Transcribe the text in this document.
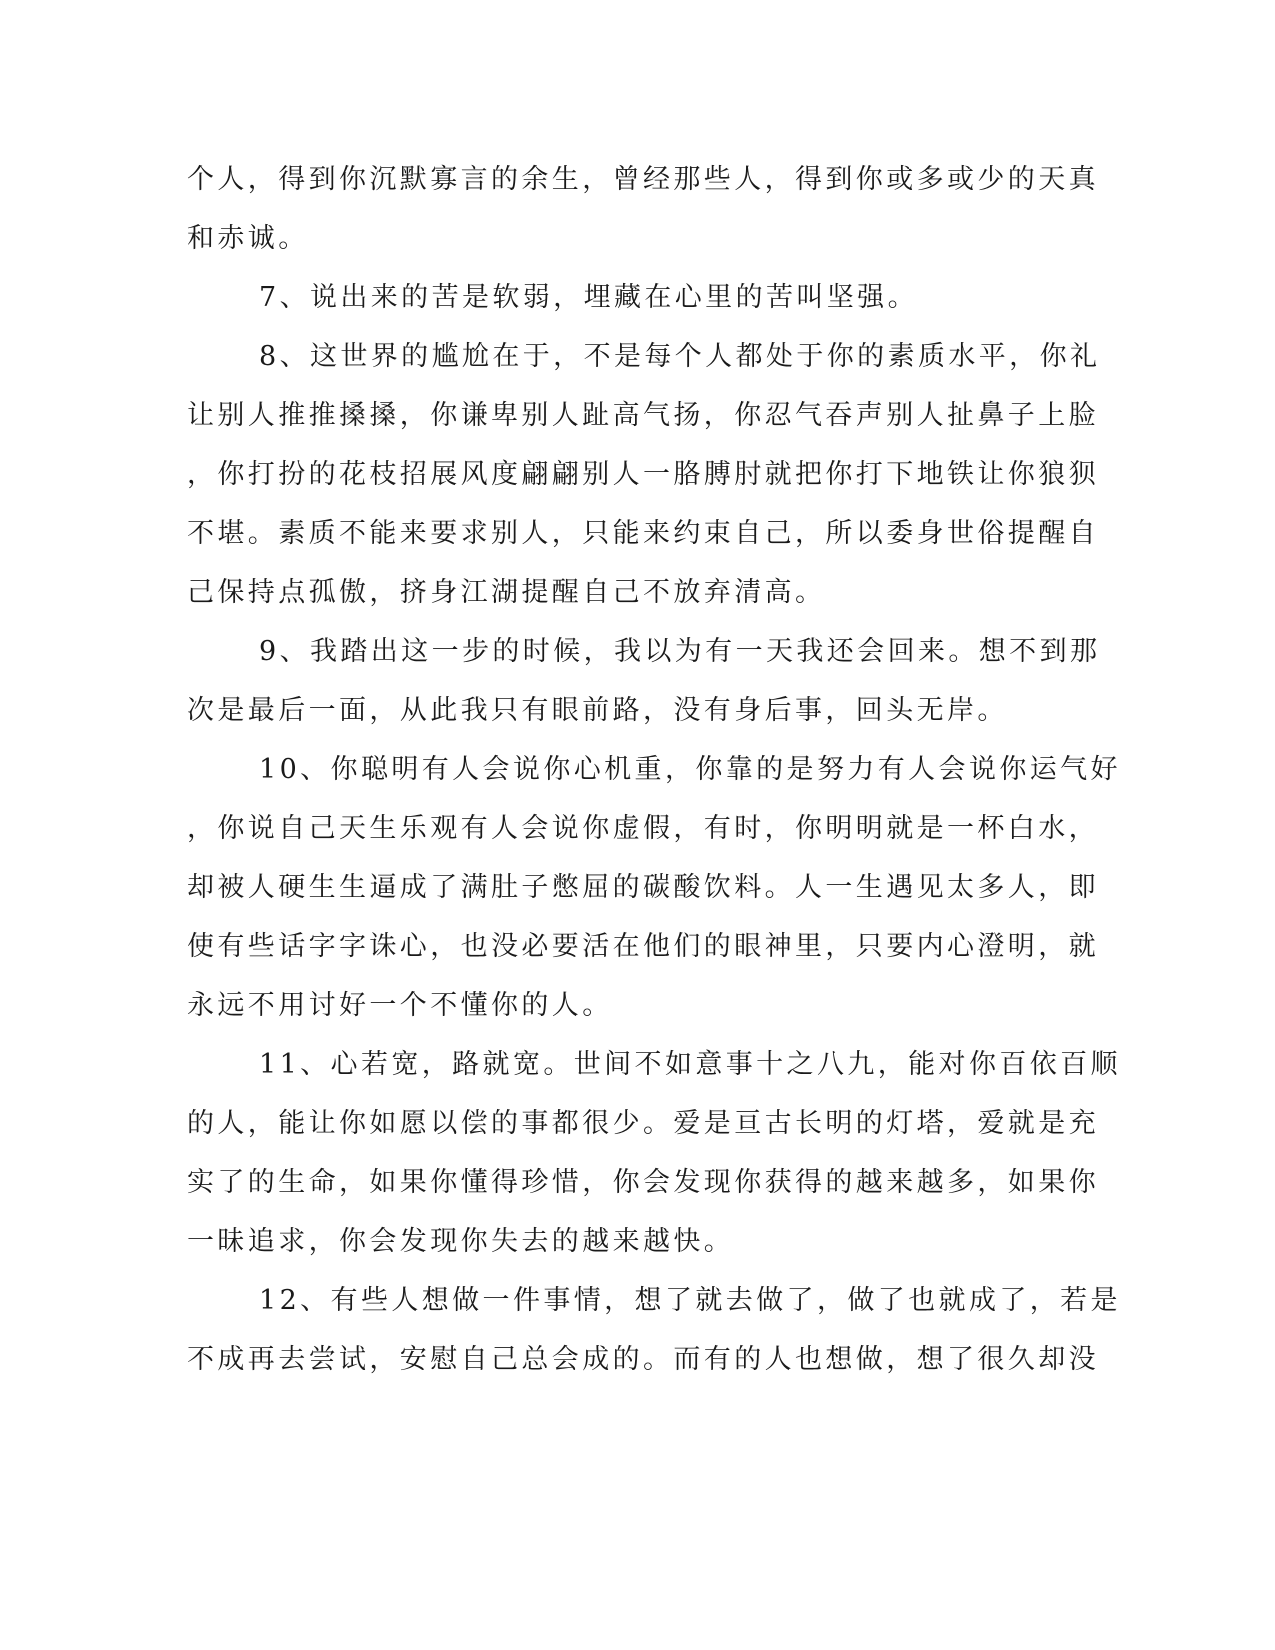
个人，得到你沉默寡言的余生，曾经那些人，得到你或多或少的天真
和赤诚。
7、说出来的苦是软弱，埋藏在心里的苦叫坚强。
8、这世界的尴尬在于，不是每个人都处于你的素质水平，你礼
让别人推推搡搡，你谦卑别人趾高气扬，你忍气吞声别人扯鼻子上脸
，你打扮的花枝招展风度翩翩别人一胳膊肘就把你打下地铁让你狼狈
不堪。素质不能来要求别人，只能来约束自己，所以委身世俗提醒自
己保持点孤傲，挤身江湖提醒自己不放弃清高。
9、我踏出这一步的时候，我以为有一天我还会回来。想不到那
次是最后一面，从此我只有眼前路，没有身后事，回头无岸。
10、你聪明有人会说你心机重，你靠的是努力有人会说你运气好
，你说自己天生乐观有人会说你虚假，有时，你明明就是一杯白水，
却被人硬生生逼成了满肚子憋屈的碳酸饮料。人一生遇见太多人，即
使有些话字字诛心，也没必要活在他们的眼神里，只要内心澄明，就
永远不用讨好一个不懂你的人。
11、心若宽，路就宽。世间不如意事十之八九，能对你百依百顺
的人，能让你如愿以偿的事都很少。爱是亘古长明的灯塔，爱就是充
实了的生命，如果你懂得珍惜，你会发现你获得的越来越多，如果你
一昧追求，你会发现你失去的越来越快。
12、有些人想做一件事情，想了就去做了，做了也就成了，若是
不成再去尝试，安慰自己总会成的。而有的人也想做，想了很久却没
